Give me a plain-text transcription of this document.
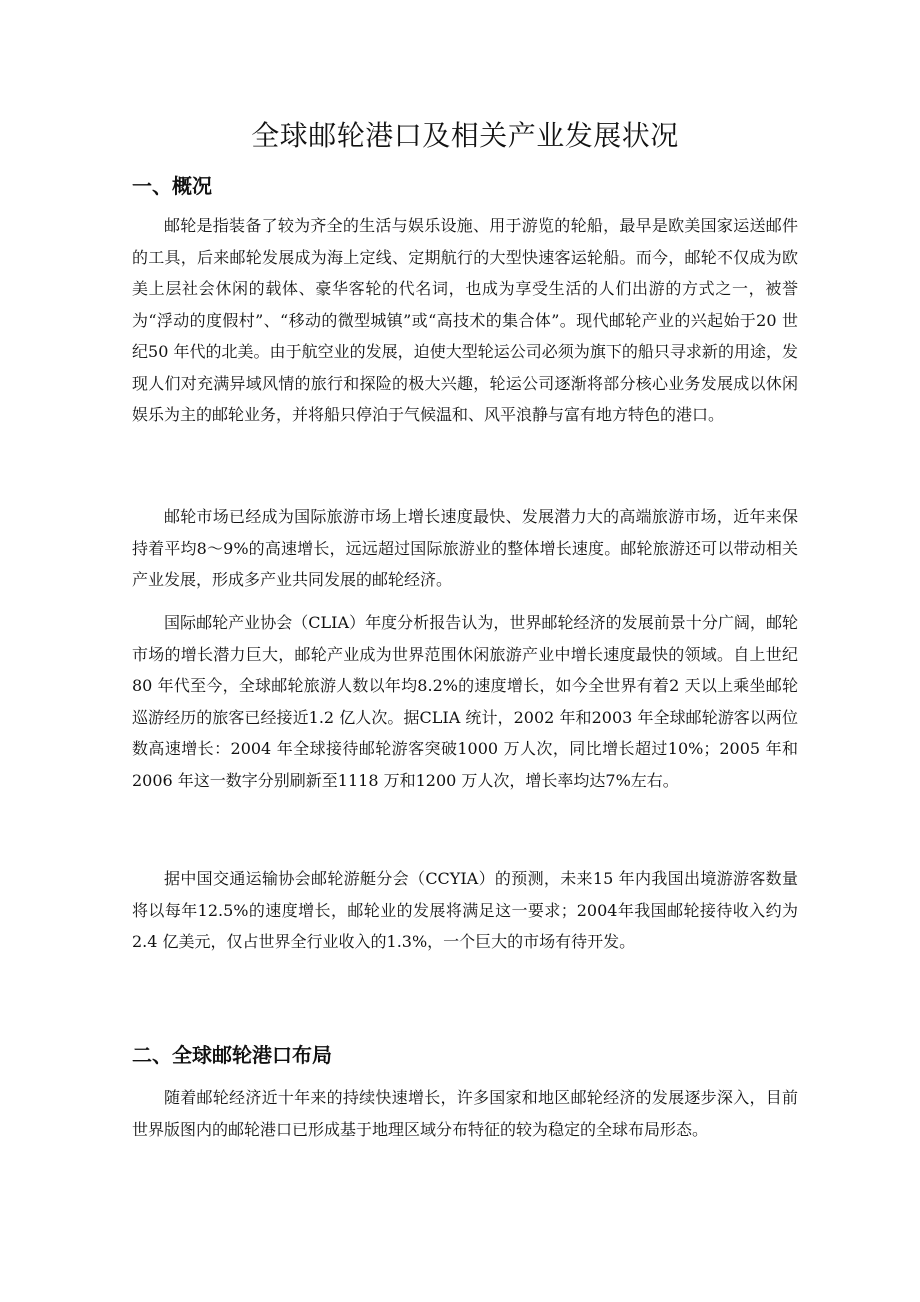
全球邮轮港口及相关产业发展状况
一、概况

邮轮是指装备了较为齐全的生活与娱乐设施、用于游览的轮船，最早是欧美国家运送邮件的工具，后来邮轮发展成为海上定线、定期航行的大型快速客运轮船。而今，邮轮不仅成为欧美上层社会休闲的载体、豪华客轮的代名词，也成为享受生活的人们出游的方式之一，被誉为“浮动的度假村”、“移动的微型城镇”或“高技术的集合体”。现代邮轮产业的兴起始于20 世纪50 年代的北美。由于航空业的发展，迫使大型轮运公司必须为旗下的船只寻求新的用途，发现人们对充满异域风情的旅行和探险的极大兴趣，轮运公司逐渐将部分核心业务发展成以休闲娱乐为主的邮轮业务，并将船只停泊于气候温和、风平浪静与富有地方特色的港口。

邮轮市场已经成为国际旅游市场上增长速度最快、发展潜力大的高端旅游市场，近年来保持着平均8～9%的高速增长，远远超过国际旅游业的整体增长速度。邮轮旅游还可以带动相关产业发展，形成多产业共同发展的邮轮经济。

国际邮轮产业协会（CLIA）年度分析报告认为，世界邮轮经济的发展前景十分广阔，邮轮市场的增长潜力巨大，邮轮产业成为世界范围休闲旅游产业中增长速度最快的领域。自上世纪80 年代至今，全球邮轮旅游人数以年均8.2%的速度增长，如今全世界有着2 天以上乘坐邮轮巡游经历的旅客已经接近1.2 亿人次。据CLIA 统计，2002 年和2003 年全球邮轮游客以两位数高速增长：2004 年全球接待邮轮游客突破1000 万人次，同比增长超过10%；2005 年和2006 年这一数字分别刷新至1118 万和1200 万人次，增长率均达7%左右。

据中国交通运输协会邮轮游艇分会（CCYIA）的预测，未来15 年内我国出境游游客数量将以每年12.5%的速度增长，邮轮业的发展将满足这一要求；2004年我国邮轮接待收入约为2.4 亿美元，仅占世界全行业收入的1.3%，一个巨大的市场有待开发。

二、全球邮轮港口布局

随着邮轮经济近十年来的持续快速增长，许多国家和地区邮轮经济的发展逐步深入，目前世界版图内的邮轮港口已形成基于地理区域分布特征的较为稳定的全球布局形态。
